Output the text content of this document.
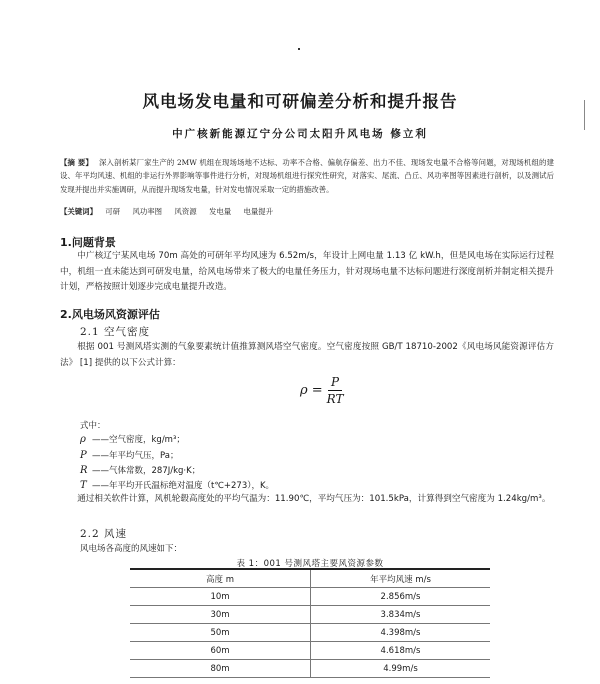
风电场发电量和可研偏差分析和提升报告
中广核新能源辽宁分公司太阳升风电场 修立利
【摘 要】 深入剖析某厂家生产的 2MW 机组在现场场地不达标、功率不合格、偏航存偏差、出力不佳、现场发电量不合格等问题，对现场机组的建设、年平均风速、机组的非运行外界影响等事件进行分析，对现场机组进行探究性研究，对落实、尾流、凸丘、风功率图等因素进行剖析，以及测试后发现并提出并实施调研，从而提升现场发电量，针对发电情况采取一定的措施改善。
【关键词】 可研 风功率图 风资源 发电量 电量提升
1.问题背景
中广核辽宁某风电场 70m 高处的可研年平均风速为 6.52m/s，年设计上网电量 1.13 亿 kW.h，但是风电场在实际运行过程中，机组一直未能达到可研发电量，给风电场带来了极大的电量任务压力，针对现场电量不达标问题进行深度剖析并制定相关提升计划，严格按照计划逐步完成电量提升改造。
2.风电场风资源评估
2.1 空气密度
根据 001 号测风塔实测的气象要素统计值推算测风塔空气密度。空气密度按照 GB/T 18710-2002《风电场风能资源评估方法》 [1] 提供的以下公式计算：
$\rho = \frac{P}{RT}$
式中：
ρ ——空气密度，kg/m³；
P ——年平均气压，Pa；
R ——气体常数，287J/kg·K；
T ——年平均开氏温标绝对温度（t℃+273），K。
通过相关软件计算，风机轮毂高度处的平均气温为：11.90℃，平均气压为：101.5kPa，计算得到空气密度为 1.24kg/m³。
2.2 风速
风电场各高度的风速如下：
表 1：001 号测风塔主要风资源参数
高度 m	年平均风速 m/s
10m	2.856m/s
30m	3.834m/s
50m	4.398m/s
60m	4.618m/s
80m	4.99m/s
